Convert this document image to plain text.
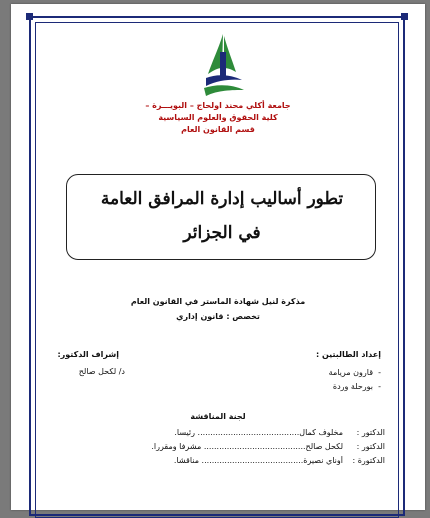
جامعة أكلي محند اولحاج – البويـــرة –
كلية الحقوق والعلوم السياسية
قسم القانون العام
تطور أساليب إدارة المرافق العامة
في الجزائر
مذكرة لنيل شهادة الماستر في القانون العام
تخصص : قانون إداري
إعداد الطالبتين :
-  قارون مريامة
-  بورحلة وردة
إشراف الدكتور:
د/ لكحل صالح
لجنة المناقشة
الدكتور :
مخلوف كمال........................................ رئيسا.
الدكتور :
لكحل صالح........................................ مشرفا ومقررا.
الدكتورة :
أوناي نصيرة........................................ مناقشا.
